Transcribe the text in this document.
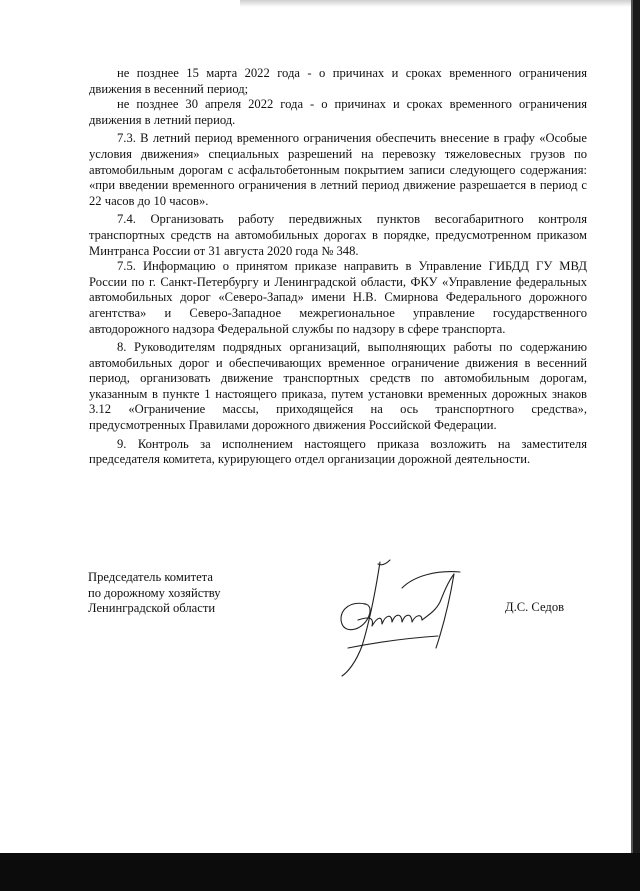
не позднее 15 марта 2022 года - о причинах и сроках временного ограничения движения в весенний период;

не позднее 30 апреля 2022 года - о причинах и сроках временного ограничения движения в летний период.

7.3. В летний период временного ограничения обеспечить внесение в графу «Особые условия движения» специальных разрешений на перевозку тяжеловесных грузов по автомобильным дорогам с асфальтобетонным покрытием записи следующего содержания: «при введении временного ограничения в летний период движение разрешается в период с 22 часов до 10 часов».

7.4. Организовать работу передвижных пунктов весогабаритного контроля транспортных средств на автомобильных дорогах в порядке, предусмотренном приказом Минтранса России от 31 августа 2020 года № 348.

7.5. Информацию о принятом приказе направить в Управление ГИБДД ГУ МВД России по г. Санкт-Петербургу и Ленинградской области, ФКУ «Управление федеральных автомобильных дорог «Северо-Запад» имени Н.В. Смирнова Федерального дорожного агентства» и Северо-Западное межрегиональное управление государственного автодорожного надзора Федеральной службы по надзору в сфере транспорта.

8. Руководителям подрядных организаций, выполняющих работы по содержанию автомобильных дорог и обеспечивающих временное ограничение движения в весенний период, организовать движение транспортных средств по автомобильным дорогам, указанным в пункте 1 настоящего приказа, путем установки временных дорожных знаков 3.12 «Ограничение массы, приходящейся на ось транспортного средства», предусмотренных Правилами дорожного движения Российской Федерации.

9. Контроль за исполнением настоящего приказа возложить на заместителя председателя комитета, курирующего отдел организации дорожной деятельности.

Председатель комитета
по дорожному хозяйству
Ленинградской области	Д.С. Седов
